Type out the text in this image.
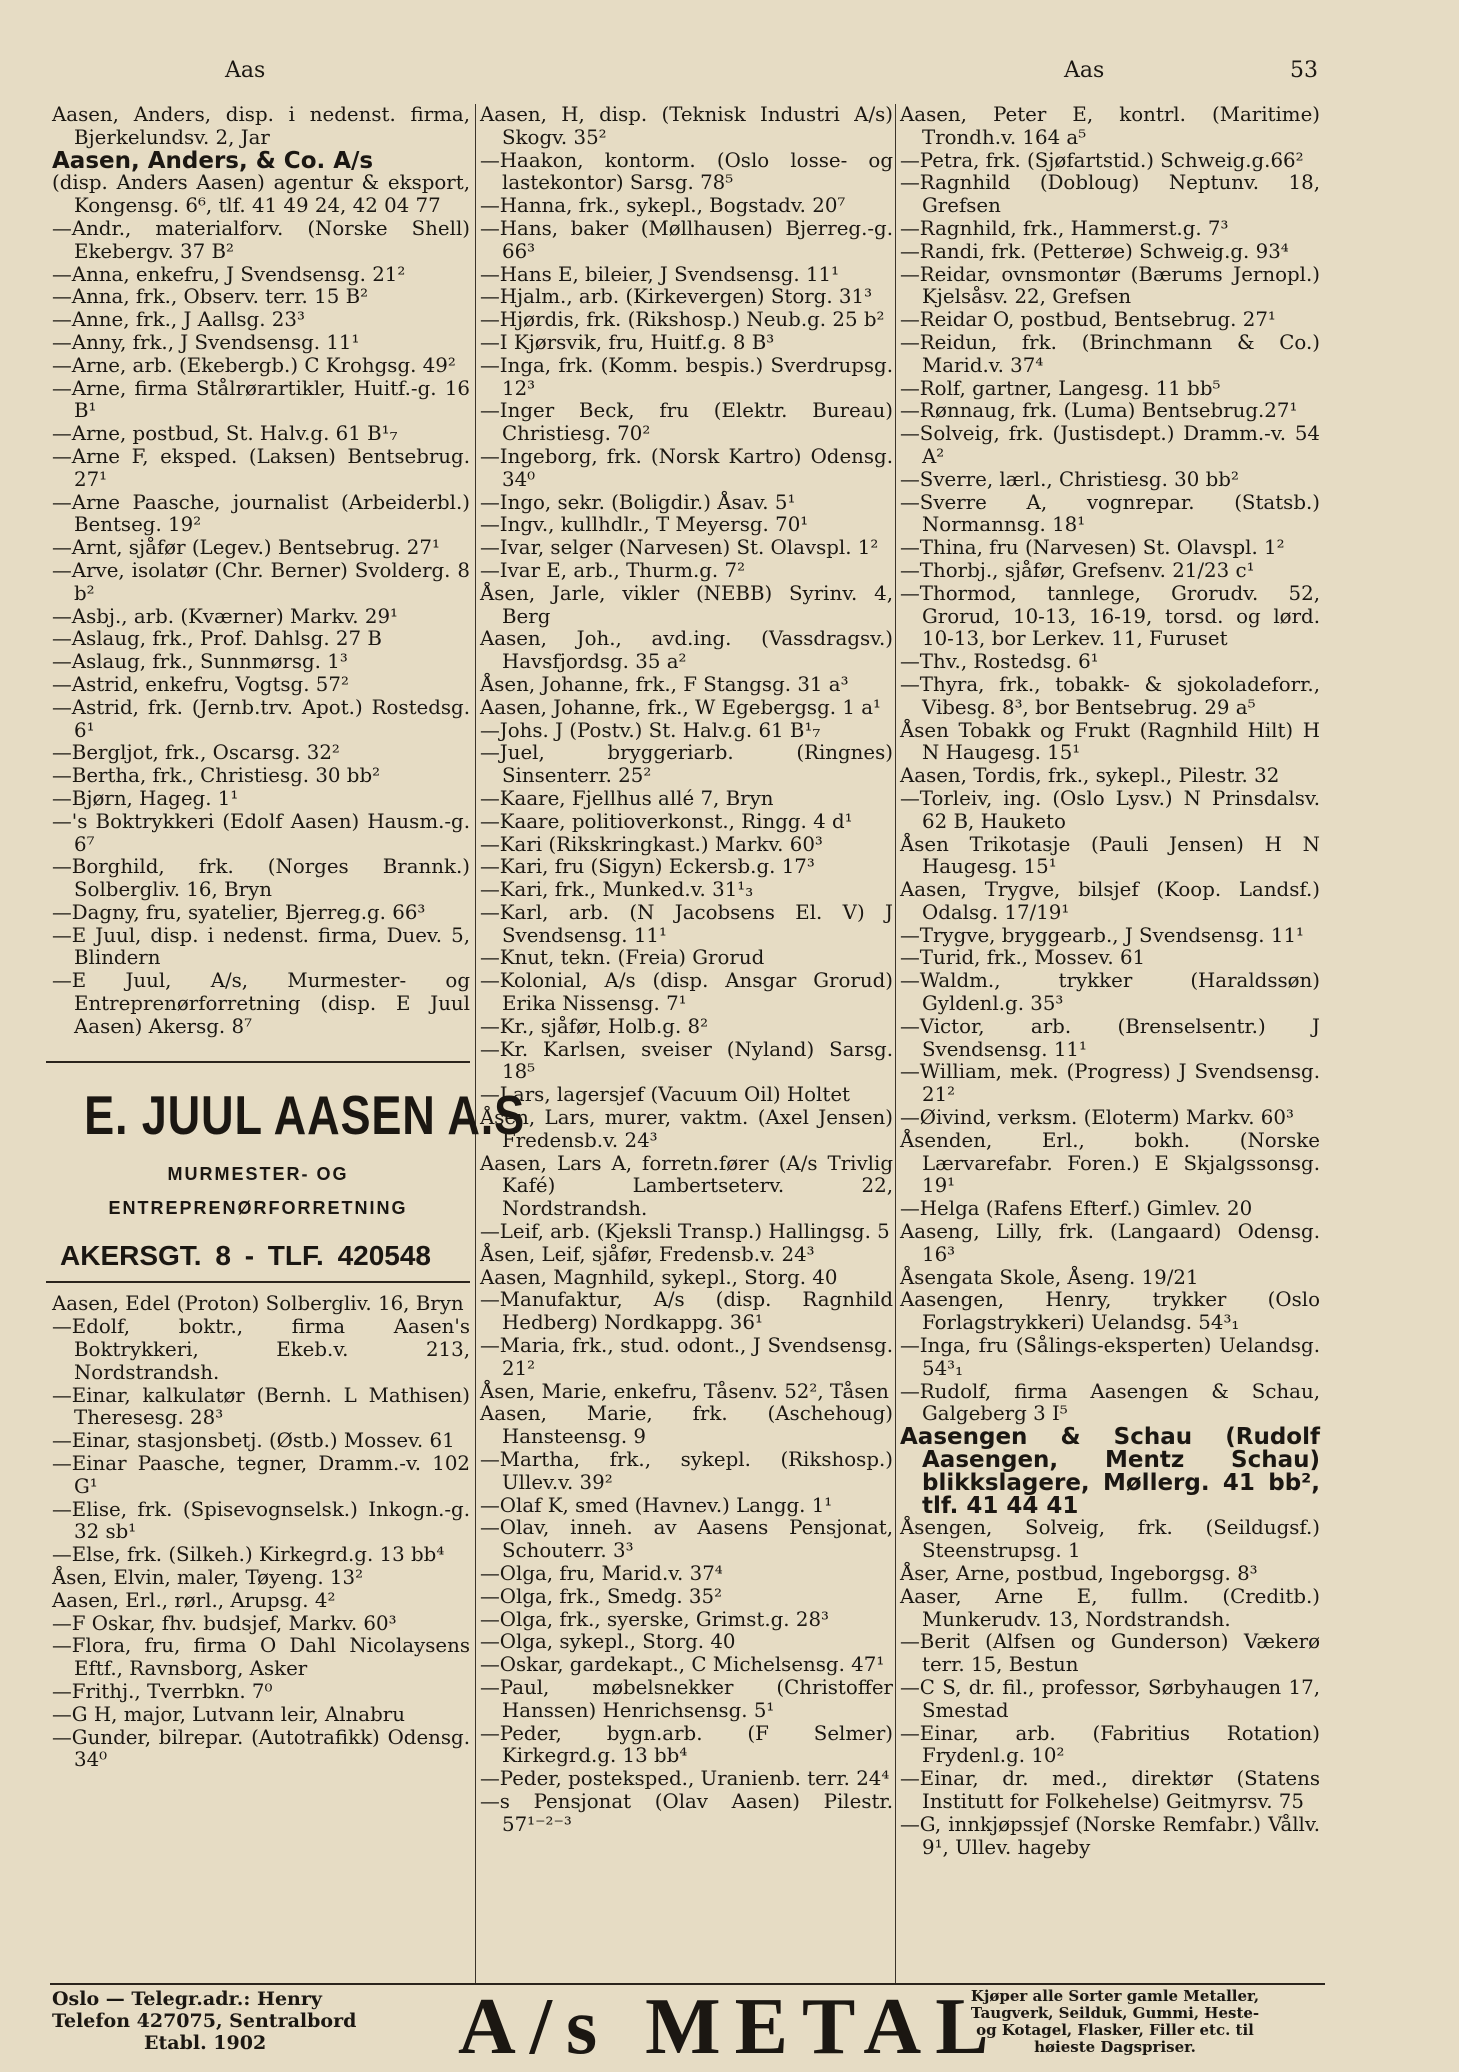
Aas	Aas	53
Aasen, Anders, disp. i nedenst. firma, Bjerkelundsv. 2, Jar
Aasen, Anders, & Co. A/s
(disp. Anders Aasen) agentur & eksport, Kongensg. 6⁶, tlf. 41 49 24, 42 04 77
—Andr., materialforv. (Norske Shell) Ekebergv. 37 B²
—Anna, enkefru, J Svendsensg. 21²
—Anna, frk., Observ. terr. 15 B²
—Anne, frk., J Aallsg. 23³
—Anny, frk., J Svendsensg. 11¹
—Arne, arb. (Ekebergb.) C Krohgsg. 49²
—Arne, firma Stålrørartikler, Huitf.-g. 16 B¹
—Arne, postbud, St. Halv.g. 61 B¹₇
—Arne F, eksped. (Laksen) Bentsebrug. 27¹
—Arne Paasche, journalist (Arbeiderbl.) Bentseg. 19²
—Arnt, sjåfør (Legev.) Bentsebrug. 27¹
—Arve, isolatør (Chr. Berner) Svolderg. 8 b²
—Asbj., arb. (Kværner) Markv. 29¹
—Aslaug, frk., Prof. Dahlsg. 27 B
—Aslaug, frk., Sunnmørsg. 1³
—Astrid, enkefru, Vogtsg. 57²
—Astrid, frk. (Jernb.trv. Apot.) Rostedsg. 6¹
—Bergljot, frk., Oscarsg. 32²
—Bertha, frk., Christiesg. 30 bb²
—Bjørn, Hageg. 1¹
—'s Boktrykkeri (Edolf Aasen) Hausm.-g. 6⁷
—Borghild, frk. (Norges Brannk.) Solbergliv. 16, Bryn
—Dagny, fru, syatelier, Bjerreg.g. 66³
—E Juul, disp. i nedenst. firma, Duev. 5, Blindern
—E Juul, A/s, Murmester- og Entreprenørforretning (disp. E Juul Aasen) Akersg. 8⁷
E. JUUL AASEN A.S
MURMESTER- OG
ENTREPRENØRFORRETNING
AKERSGT. 8 - TLF. 420548
Aasen, Edel (Proton) Solbergliv. 16, Bryn
—Edolf, boktr., firma Aasen's Boktrykkeri, Ekeb.v. 213, Nordstrandsh.
—Einar, kalkulatør (Bernh. L Mathisen) Theresesg. 28³
—Einar, stasjonsbetj. (Østb.) Mossev. 61
—Einar Paasche, tegner, Dramm.-v. 102 G¹
—Elise, frk. (Spisevognselsk.) Inkogn.-g. 32 sb¹
—Else, frk. (Silkeh.) Kirkegrd.g. 13 bb⁴
Åsen, Elvin, maler, Tøyeng. 13²
Aasen, Erl., rørl., Arupsg. 4²
—F Oskar, fhv. budsjef, Markv. 60³
—Flora, fru, firma O Dahl Nicolaysens Eftf., Ravnsborg, Asker
—Frithj., Tverrbkn. 7⁰
—G H, major, Lutvann leir, Alnabru
—Gunder, bilrepar. (Autotrafikk) Odensg. 34⁰
Aasen, H, disp. (Teknisk Industri A/s) Skogv. 35²
—Haakon, kontorm. (Oslo losse- og lastekontor) Sarsg. 78⁵
—Hanna, frk., sykepl., Bogstadv. 20⁷
—Hans, baker (Møllhausen) Bjerreg.-g. 66³
—Hans E, bileier, J Svendsensg. 11¹
—Hjalm., arb. (Kirkevergen) Storg. 31³
—Hjørdis, frk. (Rikshosp.) Neub.g. 25 b²
—I Kjørsvik, fru, Huitf.g. 8 B³
—Inga, frk. (Komm. bespis.) Sverdrupsg. 12³
—Inger Beck, fru (Elektr. Bureau) Christiesg. 70²
—Ingeborg, frk. (Norsk Kartro) Odensg. 34⁰
—Ingo, sekr. (Boligdir.) Åsav. 5¹
—Ingv., kullhdlr., T Meyersg. 70¹
—Ivar, selger (Narvesen) St. Olavspl. 1²
—Ivar E, arb., Thurm.g. 7²
Åsen, Jarle, vikler (NEBB) Syrinv. 4, Berg
Aasen, Joh., avd.ing. (Vassdragsv.) Havsfjordsg. 35 a²
Åsen, Johanne, frk., F Stangsg. 31 a³
Aasen, Johanne, frk., W Egebergsg. 1 a¹
—Johs. J (Postv.) St. Halv.g. 61 B¹₇
—Juel, bryggeriarb. (Ringnes) Sinsenterr. 25²
—Kaare, Fjellhus allé 7, Bryn
—Kaare, politioverkonst., Ringg. 4 d¹
—Kari (Rikskringkast.) Markv. 60³
—Kari, fru (Sigyn) Eckersb.g. 17³
—Kari, frk., Munked.v. 31¹₃
—Karl, arb. (N Jacobsens El. V) J Svendsensg. 11¹
—Knut, tekn. (Freia) Grorud
—Kolonial, A/s (disp. Ansgar Grorud) Erika Nissensg. 7¹
—Kr., sjåfør, Holb.g. 8²
—Kr. Karlsen, sveiser (Nyland) Sarsg. 18⁵
—Lars, lagersjef (Vacuum Oil) Holtet
Åsen, Lars, murer, vaktm. (Axel Jensen) Fredensb.v. 24³
Aasen, Lars A, forretn.fører (A/s Trivlig Kafé) Lambertseterv. 22, Nordstrandsh.
—Leif, arb. (Kjeksli Transp.) Hallingsg. 5
Åsen, Leif, sjåfør, Fredensb.v. 24³
Aasen, Magnhild, sykepl., Storg. 40
—Manufaktur, A/s (disp. Ragnhild Hedberg) Nordkappg. 36¹
—Maria, frk., stud. odont., J Svendsensg. 21²
Åsen, Marie, enkefru, Tåsenv. 52², Tåsen
Aasen, Marie, frk. (Aschehoug) Hansteensg. 9
—Martha, frk., sykepl. (Rikshosp.) Ullev.v. 39²
—Olaf K, smed (Havnev.) Langg. 1¹
—Olav, inneh. av Aasens Pensjonat, Schouterr. 3³
—Olga, fru, Marid.v. 37⁴
—Olga, frk., Smedg. 35²
—Olga, frk., syerske, Grimst.g. 28³
—Olga, sykepl., Storg. 40
—Oskar, gardekapt., C Michelsensg. 47¹
—Paul, møbelsnekker (Christoffer Hanssen) Henrichsensg. 5¹
—Peder, bygn.arb. (F Selmer) Kirkegrd.g. 13 bb⁴
—Peder, posteksped., Uranienb. terr. 24⁴
—s Pensjonat (Olav Aasen) Pilestr. 57¹⁻²⁻³
Aasen, Peter E, kontrl. (Maritime) Trondh.v. 164 a⁵
—Petra, frk. (Sjøfartstid.) Schweig.g.66²
—Ragnhild (Dobloug) Neptunv. 18, Grefsen
—Ragnhild, frk., Hammerst.g. 7³
—Randi, frk. (Petterøe) Schweig.g. 93⁴
—Reidar, ovnsmontør (Bærums Jernopl.) Kjelsåsv. 22, Grefsen
—Reidar O, postbud, Bentsebrug. 27¹
—Reidun, frk. (Brinchmann & Co.) Marid.v. 37⁴
—Rolf, gartner, Langesg. 11 bb⁵
—Rønnaug, frk. (Luma) Bentsebrug.27¹
—Solveig, frk. (Justisdept.) Dramm.-v. 54 A²
—Sverre, lærl., Christiesg. 30 bb²
—Sverre A, vognrepar. (Statsb.) Normannsg. 18¹
—Thina, fru (Narvesen) St. Olavspl. 1²
—Thorbj., sjåfør, Grefsenv. 21/23 c¹
—Thormod, tannlege, Grorudv. 52, Grorud, 10-13, 16-19, torsd. og lørd. 10-13, bor Lerkev. 11, Furuset
—Thv., Rostedsg. 6¹
—Thyra, frk., tobakk- & sjokoladeforr., Vibesg. 8³, bor Bentsebrug. 29 a⁵
Åsen Tobakk og Frukt (Ragnhild Hilt) H N Haugesg. 15¹
Aasen, Tordis, frk., sykepl., Pilestr. 32
—Torleiv, ing. (Oslo Lysv.) N Prinsdalsv. 62 B, Hauketo
Åsen Trikotasje (Pauli Jensen) H N Haugesg. 15¹
Aasen, Trygve, bilsjef (Koop. Landsf.) Odalsg. 17/19¹
—Trygve, bryggearb., J Svendsensg. 11¹
—Turid, frk., Mossev. 61
—Waldm., trykker (Haraldssøn) Gyldenl.g. 35³
—Victor, arb. (Brenselsentr.) J Svendsensg. 11¹
—William, mek. (Progress) J Svendsensg. 21²
—Øivind, verksm. (Eloterm) Markv. 60³
Åsenden, Erl., bokh. (Norske Lærvarefabr. Foren.) E Skjalgssonsg. 19¹
—Helga (Rafens Efterf.) Gimlev. 20
Aaseng, Lilly, frk. (Langaard) Odensg. 16³
Åsengata Skole, Åseng. 19/21
Aasengen, Henry, trykker (Oslo Forlagstrykkeri) Uelandsg. 54³₁
—Inga, fru (Sålings-eksperten) Uelandsg. 54³₁
—Rudolf, firma Aasengen & Schau, Galgeberg 3 I⁵
Aasengen & Schau (Rudolf Aasengen, Mentz Schau) blikkslagere, Møllerg. 41 bb², tlf. 41 44 41
Åsengen, Solveig, frk. (Seildugsf.) Steenstrupsg. 1
Åser, Arne, postbud, Ingeborgsg. 8³
Aaser, Arne E, fullm. (Creditb.) Munkerudv. 13, Nordstrandsh.
—Berit (Alfsen og Gunderson) Vækerø terr. 15, Bestun
—C S, dr. fil., professor, Sørbyhaugen 17, Smestad
—Einar, arb. (Fabritius Rotation) Frydenl.g. 10²
—Einar, dr. med., direktør (Statens Institutt for Folkehelse) Geitmyrsv. 75
—G, innkjøpssjef (Norske Remfabr.) Vållv. 9¹, Ullev. hageby
Oslo — Telegr.adr.: Henry
Telefon 427075, Sentralbord
Etabl. 1902	A/s METAL
Kjøper alle Sorter gamle Metaller,
Taugverk, Seilduk, Gummi, Heste-
og Kotagel, Flasker, Filler etc. til
høieste Dagspriser.
